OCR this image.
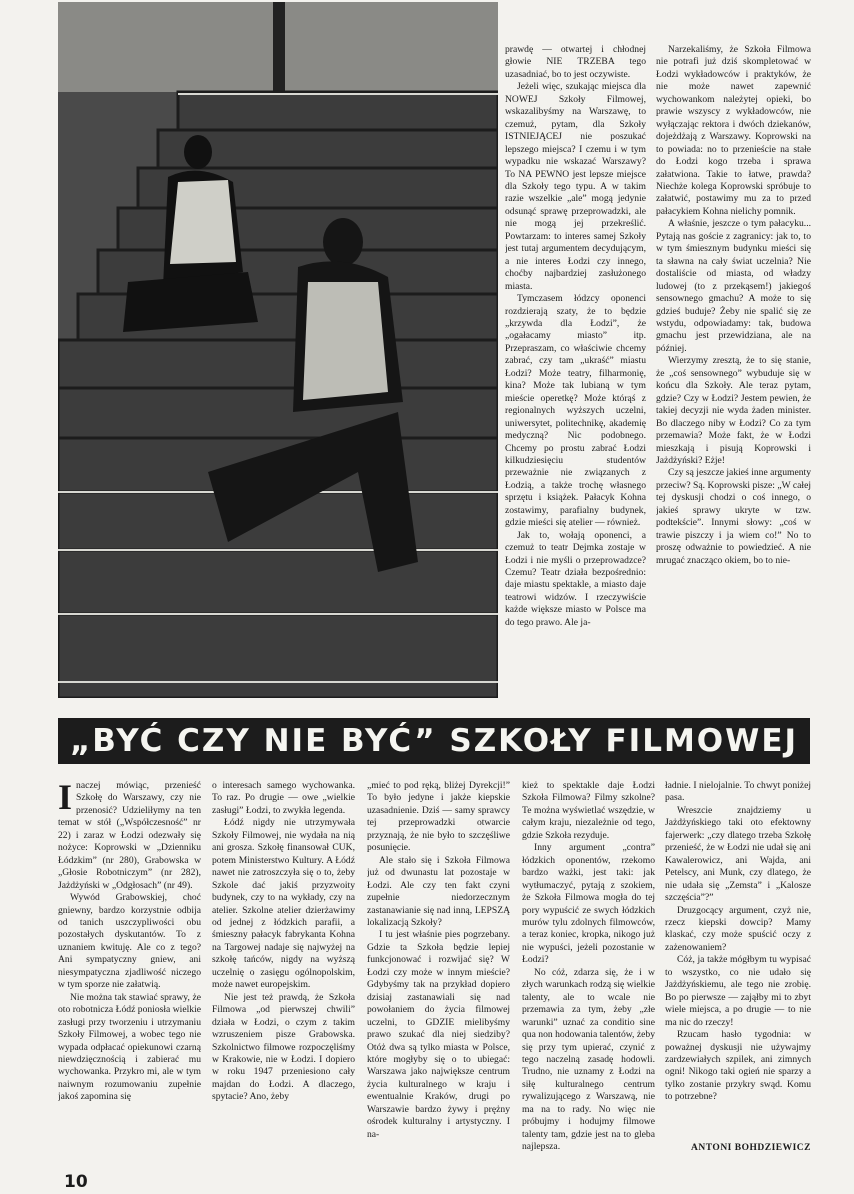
prawdę — otwartej i chłodnej głowie NIE TRZEBA tego uzasadniać, bo to jest oczywiste.

Jeżeli więc, szukając miejsca dla NOWEJ Szkoły Filmowej, wskazalibyśmy na Warszawę, to czemuż, pytam, dla Szkoły ISTNIEJĄCEJ nie poszukać lepszego miejsca? I czemu i w tym wypadku nie wskazać Warszawy? To NA PEWNO jest lepsze miejsce dla Szkoły tego typu. A w takim razie wszelkie „ale” mogą jedynie odsunąć sprawę przeprowadzki, ale nie mogą jej przekreślić. Powtarzam: to interes samej Szkoły jest tutaj argumentem decydującym, a nie interes Łodzi czy innego, choćby najbardziej zasłużonego miasta.

Tymczasem łódzcy oponenci rozdzierają szaty, że to będzie „krzywda dla Łodzi”, że „ogałacamy miasto” itp. Przepraszam, co właściwie chcemy zabrać, czy tam „ukraść” miastu Łodzi? Może teatry, filharmonię, kina? Może tak lubianą w tym mieście operetkę? Może którąś z regionalnych wyższych uczelni, uniwersytet, politechnikę, akademię medyczną? Nic podobnego. Chcemy po prostu zabrać Łodzi kilkudziesięciu studentów przeważnie nie związanych z Łodzią, a także trochę własnego sprzętu i książek. Pałacyk Kohna zostawimy, parafialny budynek, gdzie mieści się atelier — również.

Jak to, wołają oponenci, a czemuż to teatr Dejmka zostaje w Łodzi i nie myśli o przeprowadzce? Czemu? Teatr działa bezpośrednio: daje miastu spektakle, a miasto daje teatrowi widzów. I rzeczywiście każde większe miasto w Polsce ma do tego prawo. Ale ja-

Narzekaliśmy, że Szkoła Filmowa nie potrafi już dziś skompletować w Łodzi wykładowców i praktyków, że nie może nawet zapewnić wychowankom należytej opieki, bo prawie wszyscy z wykładowców, nie wyłączając rektora i dwóch dziekanów, dojeżdżają z Warszawy. Koprowski na to powiada: no to przenieście na stałe do Łodzi kogo trzeba i sprawa załatwiona. Takie to łatwe, prawda? Niechże kolega Koprowski spróbuje to załatwić, postawimy mu za to przed pałacykiem Kohna nielichy pomnik.

A właśnie, jeszcze o tym pałacyku... Pytają nas goście z zagranicy: jak to, to w tym śmiesznym budynku mieści się ta sławna na cały świat uczelnia? Nie dostaliście od miasta, od władzy ludowej (to z przekąsem!) jakiegoś sensownego gmachu? A może to się gdzieś buduje? Żeby nie spalić się ze wstydu, odpowiadamy: tak, budowa gmachu jest przewidziana, ale na później.

Wierzymy zresztą, że to się stanie, że „coś sensownego” wybuduje się w końcu dla Szkoły. Ale teraz pytam, gdzie? Czy w Łodzi? Jestem pewien, że takiej decyzji nie wyda żaden minister. Bo dlaczego niby w Łodzi? Co za tym przemawia? Może fakt, że w Łodzi mieszkają i pisują Koprowski i Jażdżyński? Eżje!

Czy są jeszcze jakieś inne argumenty przeciw? Są. Koprowski pisze: „W całej tej dyskusji chodzi o coś innego, o jakieś sprawy ukryte w tzw. podtekście”. Innymi słowy: „coś w trawie piszczy i ja wiem co!” No to proszę odważnie to powiedzieć. A nie mrugać znacząco okiem, bo to nie-

„BYĆ CZY NIE BYĆ” SZKOŁY FILMOWEJ

Inaczej mówiąc, przenieść Szkołę do Warszawy, czy nie przenosić? Udzieliłymy na ten temat w stół („Współczesność” nr 22) i zaraz w Łodzi odezwały się nożyce: Koprowski w „Dzienniku Łódzkim” (nr 280), Grabowska w „Głosie Robotniczym” (nr 282), Jażdżyński w „Odgłosach” (nr 49).

Wywód Grabowskiej, choć gniewny, bardzo korzystnie odbija od tanich uszczypliwości obu pozostałych dyskutantów. To z uznaniem kwituję. Ale co z tego? Ani sympatyczny gniew, ani niesympatyczna zjadliwość niczego w tym sporze nie załatwią.

Nie można tak stawiać sprawy, że oto robotnicza Łódź poniosła wielkie zasługi przy tworzeniu i utrzymaniu Szkoły Filmowej, a wobec tego nie wypada odpłacać opiekunowi czarną niewdzięcznością i zabierać mu wychowanka. Przykro mi, ale w tym naiwnym rozumowaniu zupełnie jakoś zapomina się

o interesach samego wychowanka. To raz. Po drugie — owe „wielkie zasługi” Łodzi, to zwykła legenda.

Łódź nigdy nie utrzymywała Szkoły Filmowej, nie wydała na nią ani grosza. Szkołę finansował CUK, potem Ministerstwo Kultury. A Łódź nawet nie zatroszczyła się o to, żeby Szkole dać jakiś przyzwoity budynek, czy to na wykłady, czy na atelier. Szkolne atelier dzierżawimy od jednej z łódzkich parafii, a śmieszny pałacyk fabrykanta Kohna na Targowej nadaje się najwyżej na szkołę tańców, nigdy na wyższą uczelnię o zasięgu ogólnopolskim, może nawet europejskim.

Nie jest też prawdą, że Szkoła Filmowa „od pierwszej chwili” działa w Łodzi, o czym z takim wzruszeniem pisze Grabowska. Szkolnictwo filmowe rozpoczęliśmy w Krakowie, nie w Łodzi. I dopiero w roku 1947 przeniesiono cały majdan do Łodzi. A dlaczego, spytacie? Ano, żeby

„mieć to pod ręką, bliżej Dyrekcji!” To było jedyne i jakże kiepskie uzasadnienie. Dziś — samy sprawcy tej przeprowadzki otwarcie przyznają, że nie było to szczęśliwe posunięcie.

Ale stało się i Szkoła Filmowa już od dwunastu lat pozostaje w Łodzi. Ale czy ten fakt czyni zupełnie niedorzecznym zastanawianie się nad inną, LEPSZĄ lokalizacją Szkoły?

I tu jest właśnie pies pogrzebany. Gdzie ta Szkoła będzie lepiej funkcjonować i rozwijać się? W Łodzi czy może w innym mieście? Gdybyśmy tak na przykład dopiero dzisiaj zastanawiali się nad powołaniem do życia filmowej uczelni, to GDZIE mielibyśmy prawo szukać dla niej siedziby? Otóż dwa są tylko miasta w Polsce, które mogłyby się o to ubiegać: Warszawa jako największe centrum życia kulturalnego w kraju i ewentualnie Kraków, drugi po Warszawie bardzo żywy i prężny ośrodek kulturalny i artystyczny. I na-

kież to spektakle daje Łodzi Szkoła Filmowa? Filmy szkolne? Te można wyświetlać wszędzie, w całym kraju, niezależnie od tego, gdzie Szkoła rezyduje.

Inny argument „contra” łódzkich oponentów, rzekomo bardzo ważki, jest taki: jak wytłumaczyć, pytają z szokiem, że Szkoła Filmowa mogła do tej pory wypuścić ze swych łódzkich murów tylu zdolnych filmowców, a teraz koniec, kropka, nikogo już nie wypuści, jeżeli pozostanie w Łodzi?

No cóż, zdarza się, że i w złych warunkach rodzą się wielkie talenty, ale to wcale nie przemawia za tym, żeby „złe warunki” uznać za conditio sine qua non hodowania talentów, żeby się przy tym upierać, czynić z tego naczelną zasadę hodowli. Trudno, nie uznamy z Łodzi na siłę kulturalnego centrum rywalizującego z Warszawą, nie ma na to rady. No więc nie próbujmy i hodujmy filmowe talenty tam, gdzie jest na to gleba najlepsza.

ładnie. I nielojalnie. To chwyt poniżej pasa.

Wreszcie znajdziemy u Jażdżyńskiego taki oto efektowny fajerwerk: „czy dlatego trzeba Szkołę przenieść, że w Łodzi nie udał się ani Kawalerowicz, ani Wajda, ani Petelscy, ani Munk, czy dlatego, że nie udała się „Zemsta” i „Kalosze szczęścia”?”

Druzgocący argument, czyż nie, rzecz kiepski dowcip? Mamy klaskać, czy może spuścić oczy z zażenowaniem?

Cóż, ja także mógłbym tu wypisać to wszystko, co nie udało się Jażdżyńskiemu, ale tego nie zrobię. Bo po pierwsze — zająłby mi to zbyt wiele miejsca, a po drugie — to nie ma nic do rzeczy!

Rzucam hasło tygodnia: w poważnej dyskusji nie używajmy zardzewiałych szpilek, ani zimnych ogni! Nikogo taki ogień nie sparzy a tylko zostanie przykry swąd. Komu to potrzebne?

ANTONI BOHDZIEWICZ
10
